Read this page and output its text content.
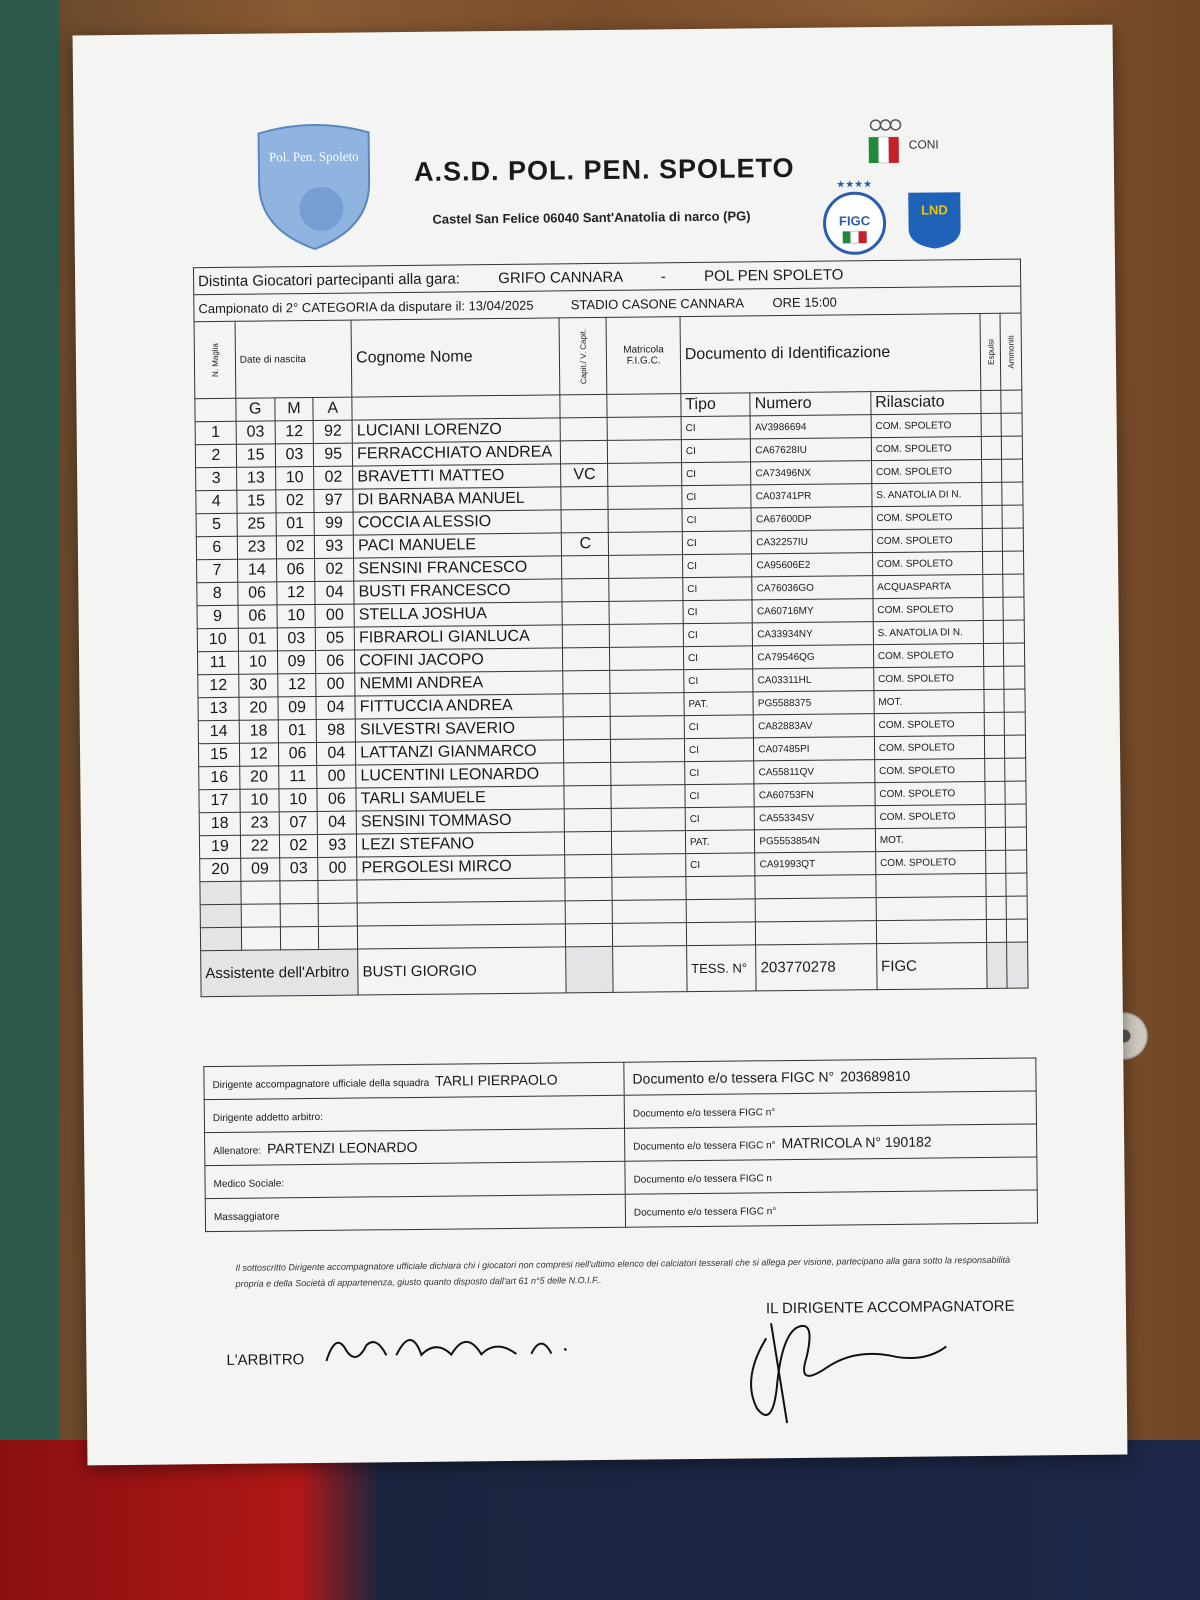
Pol. Pen. Spoleto A.S.D. POL. PEN. SPOLETO
Castel San Felice 06040 Sant'Anatolia di narco (PG)
CONI
★★★★
FIGC
LND
Distinta Giocatori partecipanti alla gara: GRIFO CANNARA - POL PEN SPOLETO											
Campionato di 2° CATEGORIA da disputare il: 13/04/2025 STADIO CASONE CANNARA ORE 15:00											
N. Maglia	Date di nascita			Cognome Nome	Capit./ V. Capit.	Matricola F.I.G.C.	Documento di Identificazione			Espulsi	Ammoniti
	G	M	A				Tipo	Numero	Rilasciato		
1	03	12	92	LUCIANI LORENZO			CI	AV3986694	COM. SPOLETO		
2	15	03	95	FERRACCHIATO ANDREA			CI	CA67628IU	COM. SPOLETO		
3	13	10	02	BRAVETTI MATTEO	VC		CI	CA73496NX	COM. SPOLETO		
4	15	02	97	DI BARNABA MANUEL			CI	CA03741PR	S. ANATOLIA DI N.		
5	25	01	99	COCCIA ALESSIO			CI	CA67600DP	COM. SPOLETO		
6	23	02	93	PACI MANUELE	C		CI	CA32257IU	COM. SPOLETO		
7	14	06	02	SENSINI FRANCESCO			CI	CA95606E2	COM. SPOLETO		
8	06	12	04	BUSTI FRANCESCO			CI	CA76036GO	ACQUASPARTA		
9	06	10	00	STELLA JOSHUA			CI	CA60716MY	COM. SPOLETO		
10	01	03	05	FIBRAROLI GIANLUCA			CI	CA33934NY	S. ANATOLIA DI N.		
11	10	09	06	COFINI JACOPO			CI	CA79546QG	COM. SPOLETO		
12	30	12	00	NEMMI ANDREA			CI	CA03311HL	COM. SPOLETO		
13	20	09	04	FITTUCCIA ANDREA			PAT.	PG5588375	MOT.		
14	18	01	98	SILVESTRI SAVERIO			CI	CA82883AV	COM. SPOLETO		
15	12	06	04	LATTANZI GIANMARCO			CI	CA07485PI	COM. SPOLETO		
16	20	11	00	LUCENTINI LEONARDO			CI	CA55811QV	COM. SPOLETO		
17	10	10	06	TARLI SAMUELE			CI	CA60753FN	COM. SPOLETO		
18	23	07	04	SENSINI TOMMASO			CI	CA55334SV	COM. SPOLETO		
19	22	02	93	LEZI STEFANO			PAT.	PG5553854N	MOT.		
20	09	03	00	PERGOLESI MIRCO			CI	CA91993QT	COM. SPOLETO		

Assistente dell'Arbitro				BUSTI GIORGIO			TESS. N°	203770278	FIGC		
Dirigente accompagnatore ufficiale della squadra TARLI PIERPAOLO	Documento e/o tessera FIGC N° 203689810
Dirigente addetto arbitro:	Documento e/o tessera FIGC n°
Allenatore: PARTENZI LEONARDO	Documento e/o tessera FIGC n° MATRICOLA N° 190182
Medico Sociale:	Documento e/o tessera FIGC n
Massaggiatore	Documento e/o tessera FIGC n°
Il sottoscritto Dirigente accompagnatore ufficiale dichiara chi i giocatori non compresi nell'ultimo elenco dei calciatori tesserati che si allega per visione, partecipano alla gara sotto la responsabilità propria e della Società di appartenenza, giusto quanto disposto dall'art 61 n°5 delle N.O.I.F..
L'ARBITRO
IL DIRIGENTE ACCOMPAGNATORE
